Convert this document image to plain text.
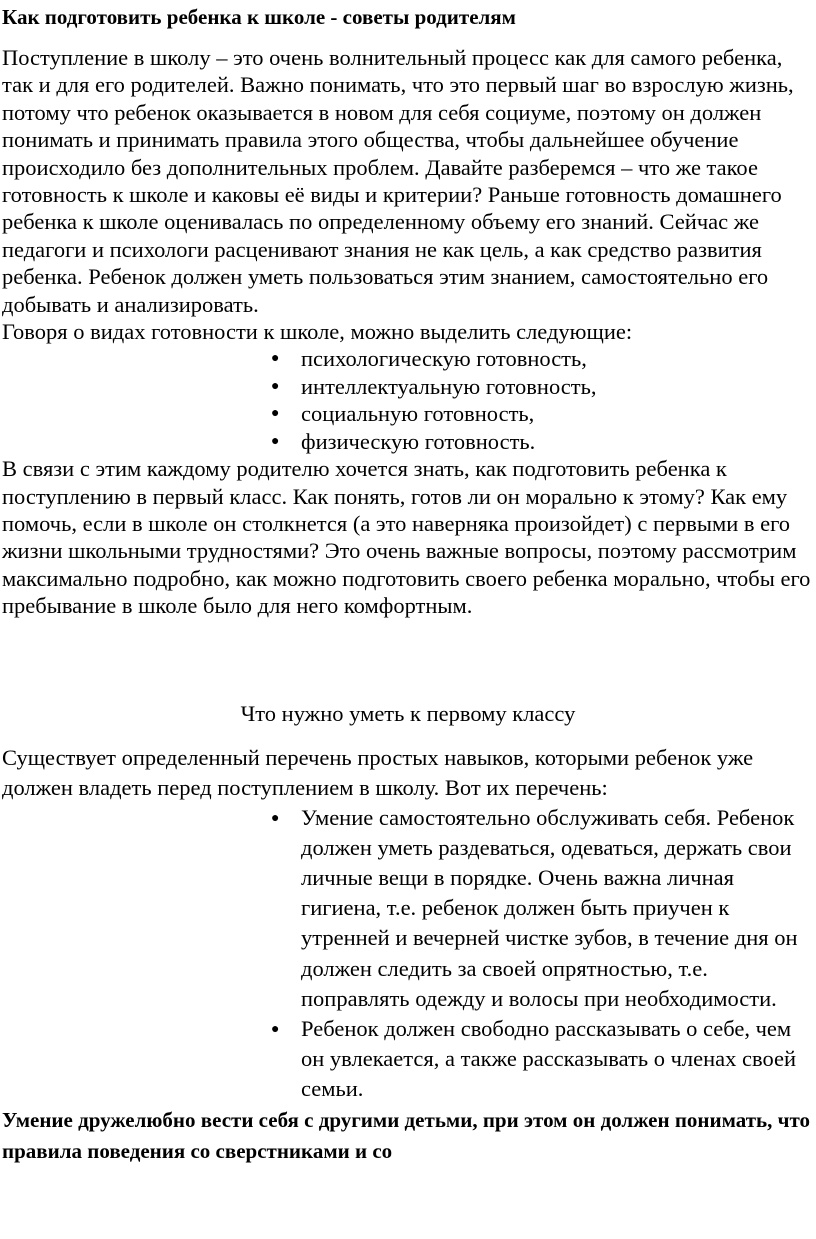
Как подготовить ребенка к школе - советы родителям

Поступление в школу – это очень волнительный процесс как для самого ребенка, так и для его родителей. Важно понимать, что это первый шаг во взрослую жизнь, потому что ребенок оказывается в новом для себя социуме, поэтому он должен понимать и принимать правила этого общества, чтобы дальнейшее обучение происходило без дополнительных проблем. Давайте разберемся – что же такое готовность к школе и каковы её виды и критерии? Раньше готовность домашнего ребенка к школе оценивалась по определенному объему его знаний. Сейчас же педагоги и психологи расценивают знания не как цель, а как средство развития ребенка. Ребенок должен уметь пользоваться этим знанием, самостоятельно его добывать и анализировать.

Говоря о видах готовности к школе, можно выделить следующие:

● психологическую готовность,
● интеллектуальную готовность,
● социальную готовность,
● физическую готовность.

В связи с этим каждому родителю хочется знать, как подготовить ребенка к поступлению в первый класс. Как понять, готов ли он морально к этому? Как ему помочь, если в школе он столкнется (а это наверняка произойдет) с первыми в его жизни школьными трудностями? Это очень важные вопросы, поэтому рассмотрим максимально подробно, как можно подготовить своего ребенка морально, чтобы его пребывание в школе было для него комфортным.

Что нужно уметь к первому классу

Существует определенный перечень простых навыков, которыми ребенок уже должен владеть перед поступлением в школу. Вот их перечень:

● Умение самостоятельно обслуживать себя. Ребенок должен уметь раздеваться, одеваться, держать свои личные вещи в порядке. Очень важна личная гигиена, т.е. ребенок должен быть приучен к утренней и вечерней чистке зубов, в течение дня он должен следить за своей опрятностью, т.е. поправлять одежду и волосы при необходимости.
● Ребенок должен свободно рассказывать о себе, чем он увлекается, а также рассказывать о членах своей семьи.

Умение дружелюбно вести себя с другими детьми, при этом он должен понимать, что правила поведения со сверстниками и со
